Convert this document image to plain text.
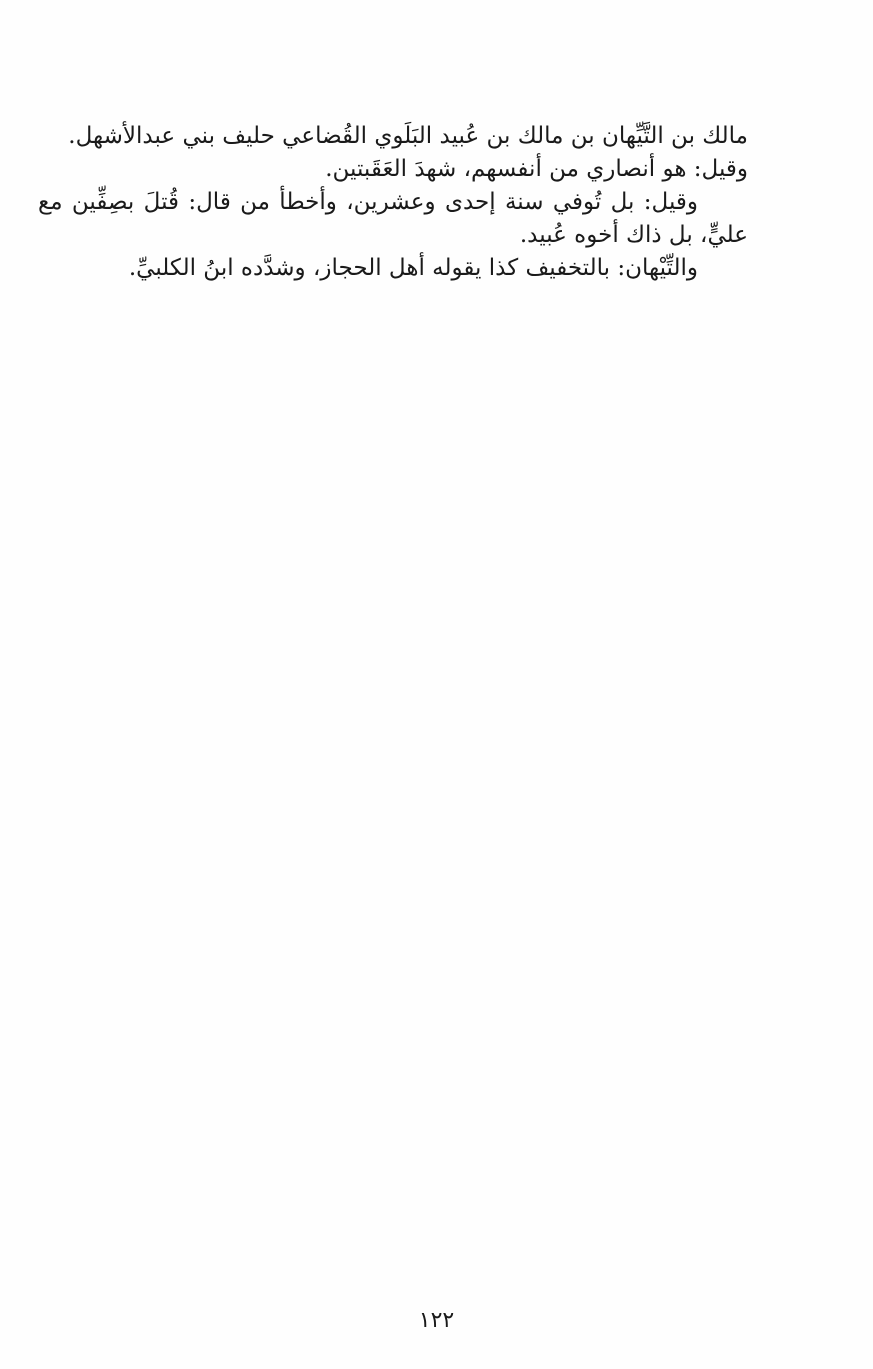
مالك بن التَّيِّهان بن مالك بن عُبيد البَلَوي القُضاعي حليف بني عبدالأشهل.

وقيل: هو أنصاري من أنفسهم، شهدَ العَقَبتين.

وقيل: بل تُوفي سنة إحدى وعشرين، وأخطأ من قال: قُتلَ بصِفِّين مع عليٍّ، بل ذاك أخوه عُبيد.

والتِّيْهان: بالتخفيف كذا يقوله أهل الحجاز، وشدَّده ابنُ الكلبيِّ.

١٢٢
